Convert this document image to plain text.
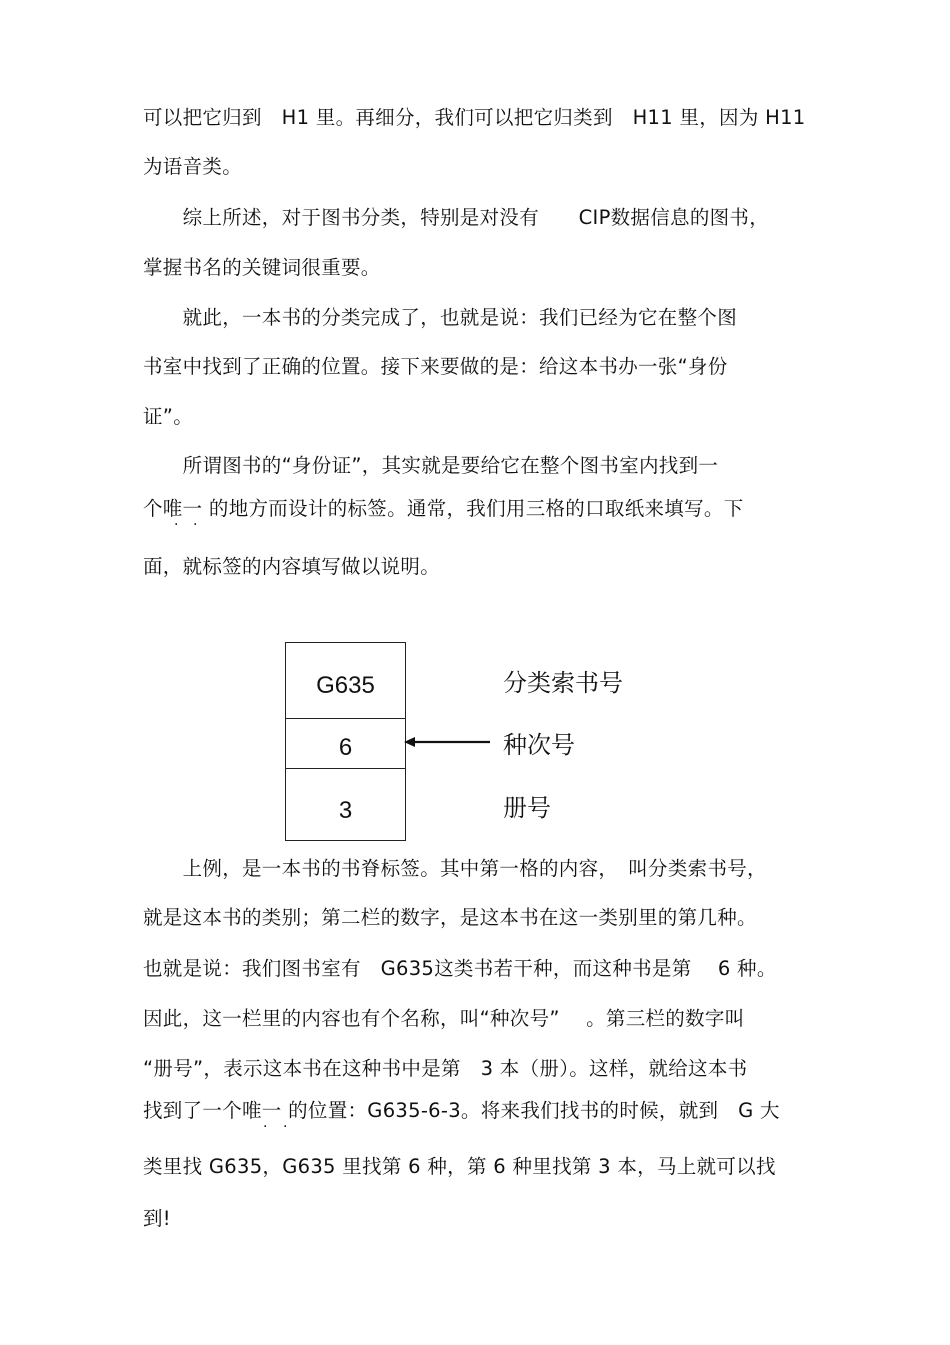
可以把它归到　H1 里。再细分，我们可以把它归类到　H11 里，因为 H11
为语音类。
　　综上所述，对于图书分类，特别是对没有　　CIP数据信息的图书，
掌握书名的关键词很重要。
　　就此，一本书的分类完成了，也就是说：我们已经为它在整个图
书室中找到了正确的位置。接下来要做的是：给这本书办一张“身份
证”。
　　所谓图书的“身份证”，其实就是要给它在整个图书室内找到一
个唯一 的地方而设计的标签。通常，我们用三格的口取纸来填写。下
· ·
面，就标签的内容填写做以说明。
G635
6
3
分类索书号
种次号
册号
　　上例，是一本书的书脊标签。其中第一格的内容，　叫分类索书号，
就是这本书的类别；第二栏的数字，是这本书在这一类别里的第几种。
也就是说：我们图书室有　G635这类书若干种，而这种书是第　 6 种。
因此，这一栏里的内容也有个名称，叫“种次号”　 。第三栏的数字叫
“册号”，表示这本书在这种书中是第　3 本（册）。这样，就给这本书
找到了一个唯一 的位置：G635-6-3。将来我们找书的时候，就到　G 大
· ·
类里找 G635，G635 里找第 6 种，第 6 种里找第 3 本，马上就可以找
到!
